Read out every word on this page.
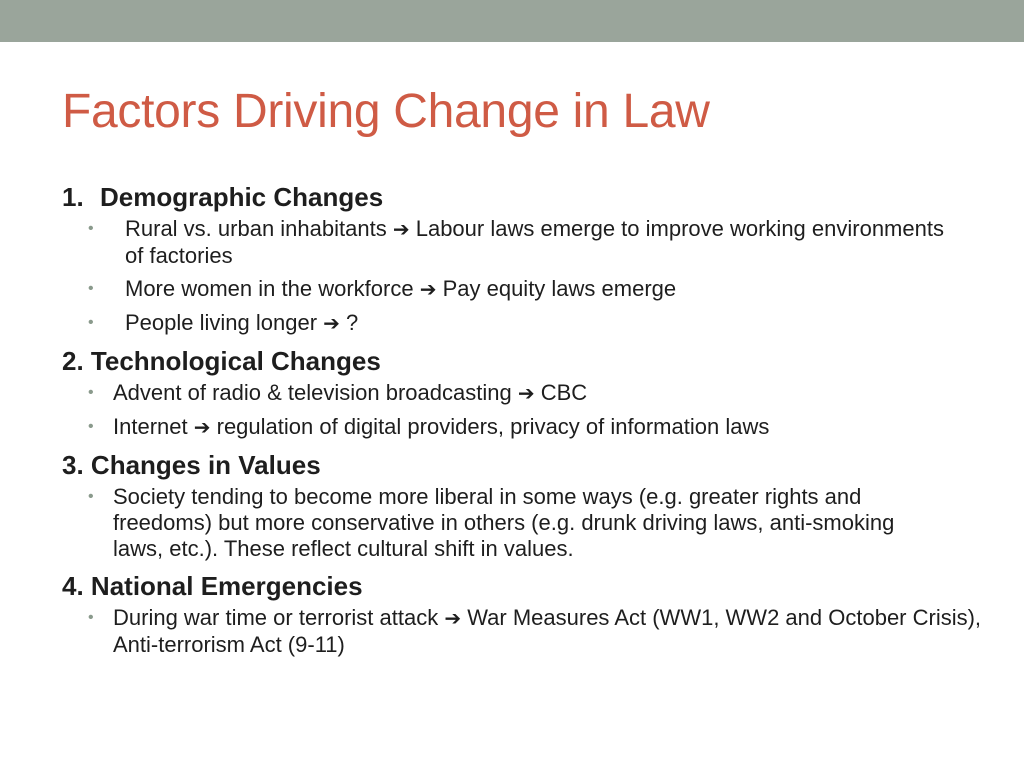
Factors Driving Change in Law
1. Demographic Changes
• Rural vs. urban inhabitants ➔ Labour laws emerge to improve working environments of factories
• More women in the workforce ➔ Pay equity laws emerge
• People living longer ➔ ?
2. Technological Changes
• Advent of radio & television broadcasting ➔ CBC
• Internet ➔ regulation of digital providers, privacy of information laws
3. Changes in Values
• Society tending to become more liberal in some ways (e.g. greater rights and freedoms) but more conservative in others (e.g. drunk driving laws, anti-smoking laws, etc.). These reflect cultural shift in values.
4. National Emergencies
• During war time or terrorist attack ➔ War Measures Act (WW1, WW2 and October Crisis), Anti-terrorism Act (9-11)
